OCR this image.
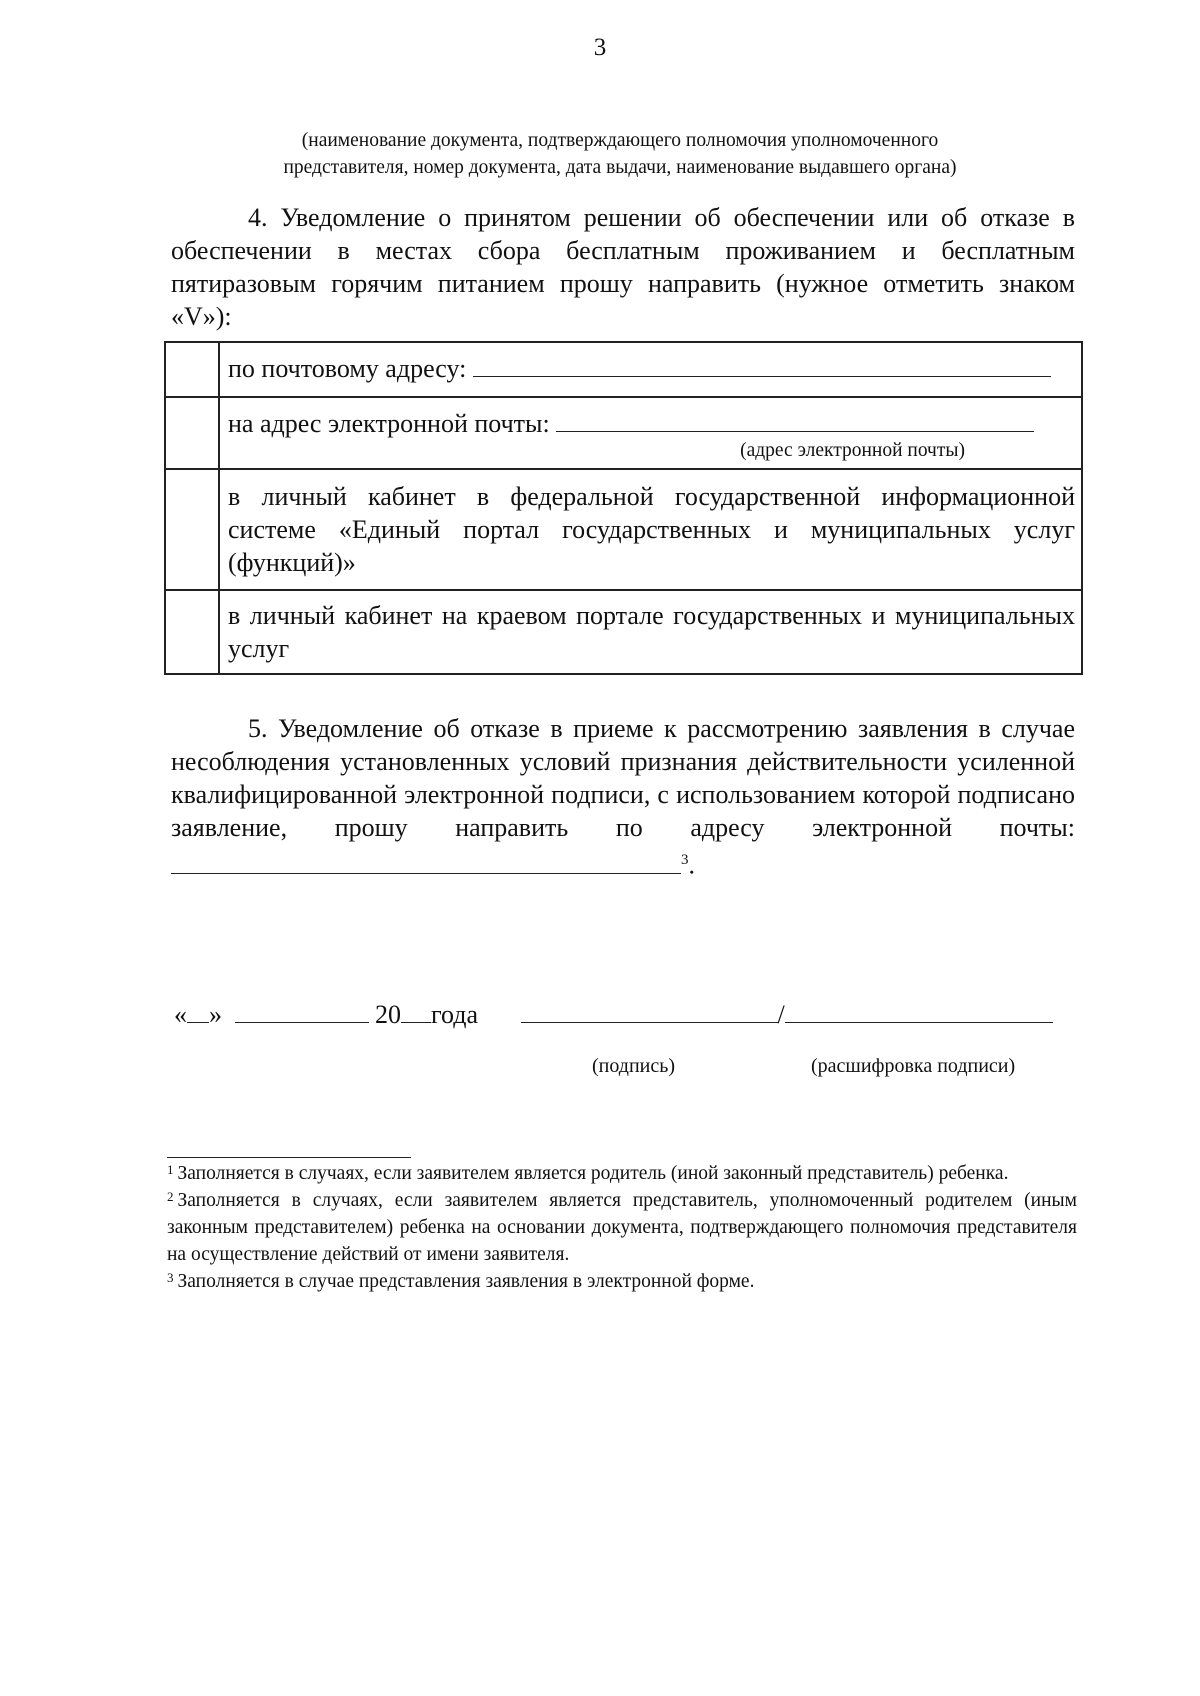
3
(наименование документа, подтверждающего полномочия уполномоченного
представителя, номер документа, дата выдачи, наименование выдавшего органа)

4. Уведомление о принятом решении об обеспечении или об отказе в обеспечении в местах сбора бесплатным проживанием и бесплатным пятиразовым горячим питанием прошу направить (нужное отметить знаком «V»):

	по почтовому адресу:
	на адрес электронной почты:
(адрес электронной почты)

	в личный кабинет в федеральной государственной информационной системе «Единый портал государственных и муниципальных услуг (функций)»
	в личный кабинет на краевом портале государственных и муниципальных услуг

5. Уведомление об отказе в приеме к рассмотрению заявления в случае несоблюдения установленных условий признания действительности усиленной квалифицированной электронной подписи, с использованием которой подписано заявление, прошу направить по адресу электронной почты: $^3$.

« »	20 года	/
(подпись)	(расшифровка подписи)

$^1$ Заполняется в случаях, если заявителем является родитель (иной законный представитель) ребенка.

$^2$ Заполняется в случаях, если заявителем является представитель, уполномоченный родителем (иным законным представителем) ребенка на основании документа, подтверждающего полномочия представителя на осуществление действий от имени заявителя.

$^3$ Заполняется в случае представления заявления в электронной форме.
